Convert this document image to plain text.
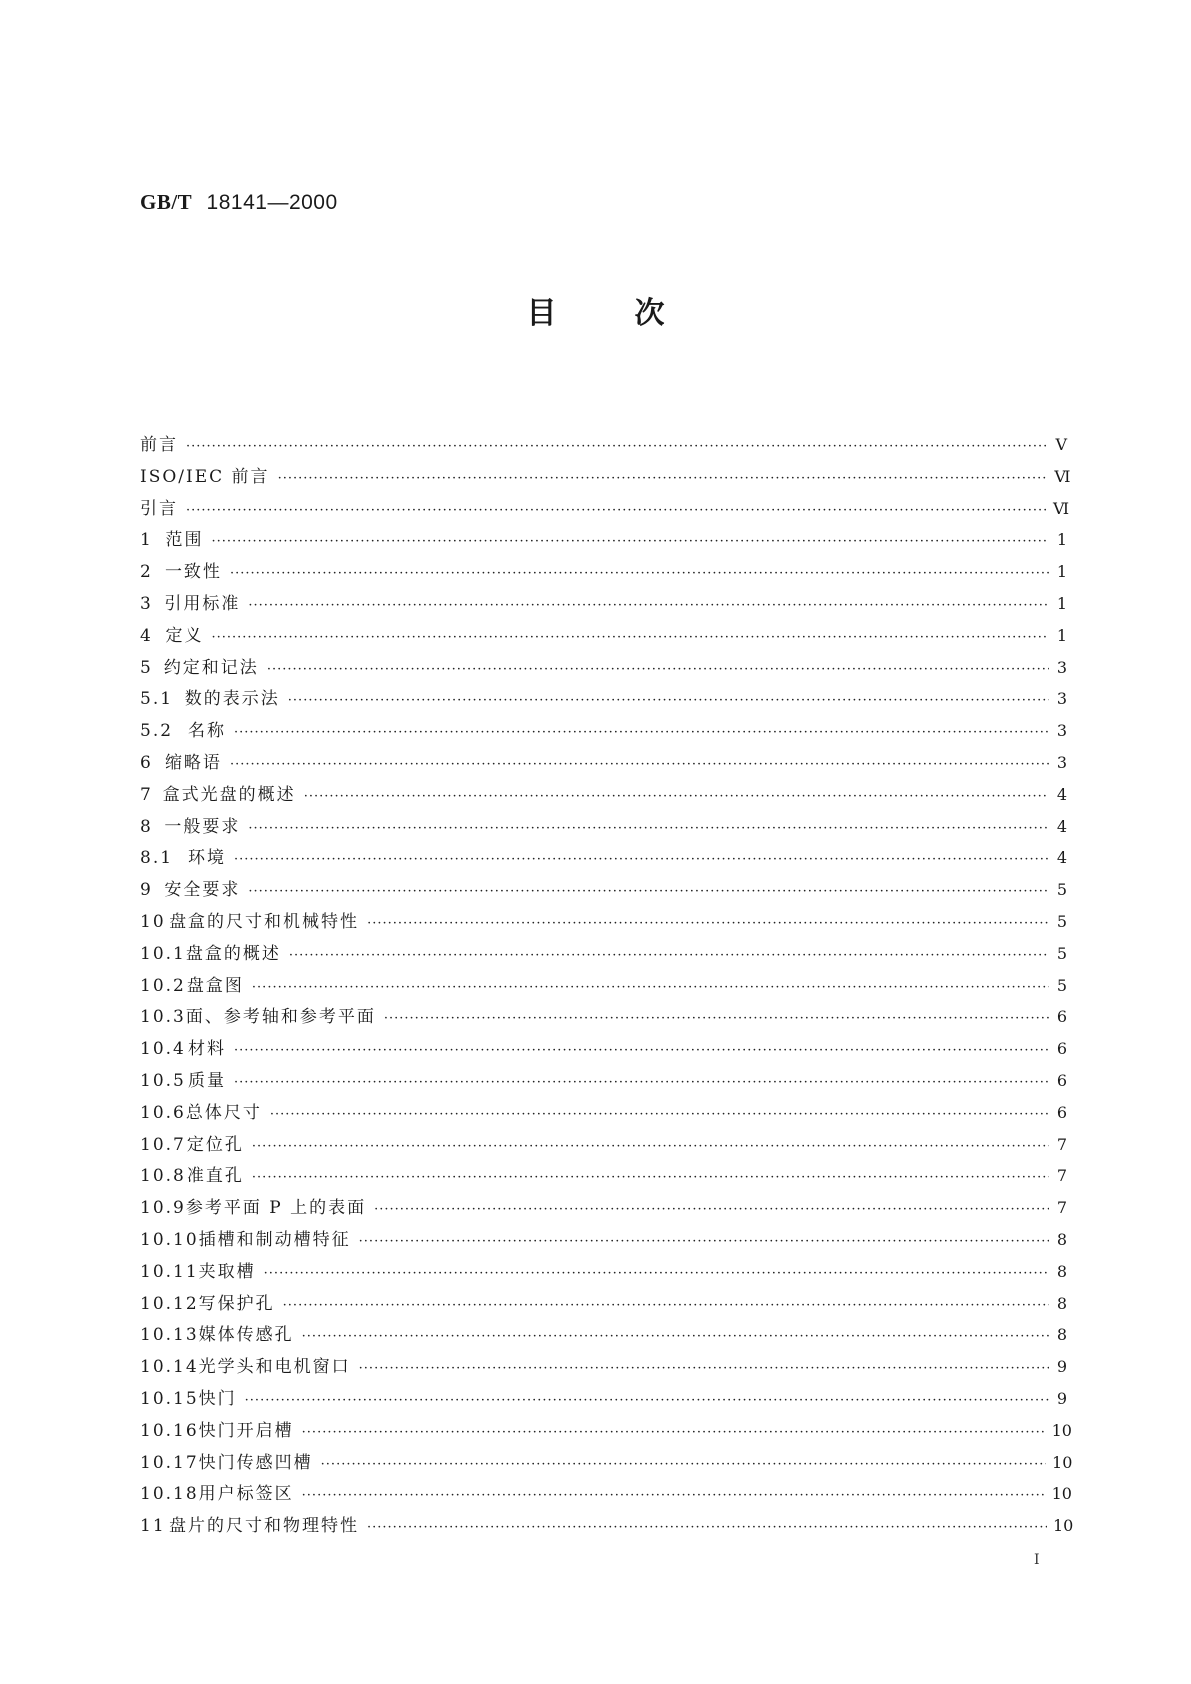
GB/T 18141—2000
目次
前言 ·····	Ⅴ
ISO/IEC 前言 ·····	Ⅵ
引言 ·····	Ⅵ
1 范围 ·····	1
2 一致性 ·····	1
3 引用标准 ·····	1
4 定义 ·····	1
5 约定和记法 ·····	3
5.1 数的表示法 ·····	3
5.2 名称 ·····	3
6 缩略语 ·····	3
7 盒式光盘的概述 ·····	4
8 一般要求 ·····	4
8.1 环境 ·····	4
9 安全要求 ·····	5
10 盘盒的尺寸和机械特性 ·····	5
10.1 盘盒的概述 ·····	5
10.2 盘盒图 ·····	5
10.3 面、参考轴和参考平面 ·····	6
10.4 材料 ·····	6
10.5 质量 ·····	6
10.6 总体尺寸 ·····	6
10.7 定位孔 ·····	7
10.8 准直孔 ·····	7
10.9 参考平面 P 上的表面 ·····	7
10.10 插槽和制动槽特征 ·····	8
10.11 夹取槽 ·····	8
10.12 写保护孔 ·····	8
10.13 媒体传感孔 ·····	8
10.14 光学头和电机窗口 ·····	9
10.15 快门 ·····	9
10.16 快门开启槽 ·····	10
10.17 快门传感凹槽 ·····	10
10.18 用户标签区 ·····	10
11 盘片的尺寸和物理特性 ·····	10
Ⅰ
